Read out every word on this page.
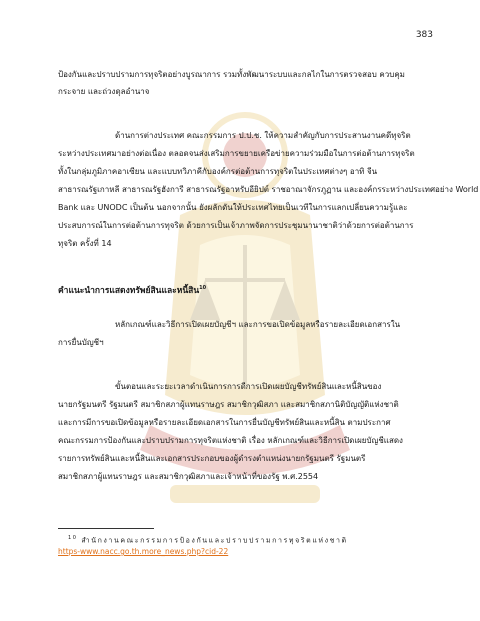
383
ป้องกันและปราบปรามการทุจริตอย่างบูรณาการ รวมทั้งพัฒนาระบบและกลไกในการตรวจสอบ ควบคุม
กระจาย และถ่วงดุลอำนาจ
ด้านการต่างประเทศ คณะกรรมการ ป.ป.ช. ให้ความสำคัญกับการประสานงานคดีทุจริต
ระหว่างประเทศมาอย่างต่อเนื่อง ตลอดจนส่งเสริมการขยายเครือข่ายความร่วมมือในการต่อต้านการทุจริต
ทั้งในกลุ่มภูมิภาคอาเซียน และแบบทวิภาคีกับองค์กรต่อต้านการทุจริตในประเทศต่างๆ อาทิ จีน
สาธารณรัฐเกาหลี สาธารณรัฐฮังการี สาธารณรัฐอาหรับอียิปต์ ราชอาณาจักรภูฏาน และองค์กรระหว่างประเทศอย่าง World
Bank และ UNODC เป็นต้น นอกจากนั้น ยังผลักดันให้ประเทศไทยเป็นเวทีในการแลกเปลี่ยนความรู้และ
ประสบการณ์ในการต่อต้านการทุจริต ด้วยการเป็นเจ้าภาพจัดการประชุมนานาชาติว่าด้วยการต่อต้านการ
ทุจริต ครั้งที่ 14
คำแนะนำการแสดงทรัพย์สินและหนี้สิน$^{10}$
หลักเกณฑ์และวิธีการเปิดเผยบัญชีฯ และการขอเปิดข้อมูลหรือรายละเอียดเอกสารใน
การยื่นบัญชีฯ
ขั้นตอนและระยะเวลาดำเนินการการดีการเปิดเผยบัญชีทรัพย์สินและหนี้สินของ
นายกรัฐมนตรี รัฐมนตรี สมาชิกสภาผู้แทนราษฎร สมาชิกวุฒิสภา และสมาชิกสภานิติบัญญัติแห่งชาติ
และการมีการขอเปิดข้อมูลหรือรายละเอียดเอกสารในการยื่นบัญชีทรัพย์สินและหนี้สิน ตามประกาศ
คณะกรรมการป้องกันและปราบปรามการทุจริตแห่งชาติ เรื่อง หลักเกณฑ์และวิธีการเปิดเผยบัญชีแสดง
รายการทรัพย์สินและหนี้สินและเอกสารประกอบของผู้ดำรงตำแหน่งนายกรัฐมนตรี รัฐมนตรี
สมาชิกสภาผู้แทนราษฎร และสมาชิกวุฒิสภาและเจ้าหน้าที่ของรัฐ พ.ศ.2554
$^{10}$ สำนักงานคณะกรรมการป้องกันและปราบปรามการทุจริตแห่งชาติ
https-www.nacc.go.th.more_news.php?cid-22
